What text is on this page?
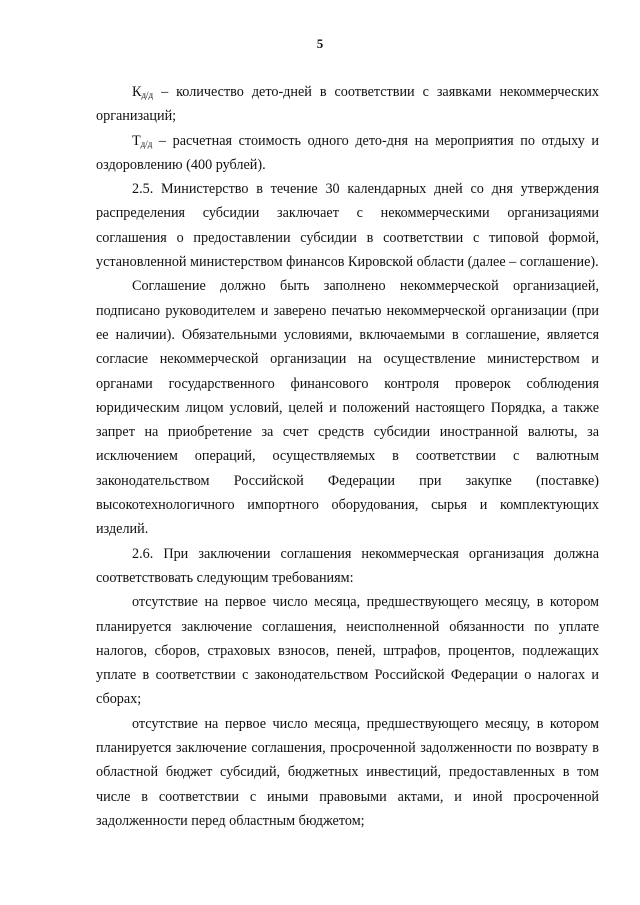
5

$К_{д/д}$ – количество дето-дней в соответствии с заявками некоммерческих организаций;

$Т_{д/д}$ – расчетная стоимость одного дето-дня на мероприятия по отдыху и оздоровлению (400 рублей).

2.5. Министерство в течение 30 календарных дней со дня утверждения распределения субсидии заключает с некоммерческими организациями соглашения о предоставлении субсидии в соответствии с типовой формой, установленной министерством финансов Кировской области (далее – соглашение).

Соглашение должно быть заполнено некоммерческой организацией, подписано руководителем и заверено печатью некоммерческой организации (при ее наличии). Обязательными условиями, включаемыми в соглашение, является согласие некоммерческой организации на осуществление министерством и органами государственного финансового контроля проверок соблюдения юридическим лицом условий, целей и положений настоящего Порядка, а также запрет на приобретение за счет средств субсидии иностранной валюты, за исключением операций, осуществляемых в соответствии с валютным законодательством Российской Федерации при закупке (поставке) высокотехнологичного импортного оборудования, сырья и комплектующих изделий.

2.6. При заключении соглашения некоммерческая организация должна соответствовать следующим требованиям:

отсутствие на первое число месяца, предшествующего месяцу, в котором планируется заключение соглашения, неисполненной обязанности по уплате налогов, сборов, страховых взносов, пеней, штрафов, процентов, подлежащих уплате в соответствии с законодательством Российской Федерации о налогах и сборах;

отсутствие на первое число месяца, предшествующего месяцу, в котором планируется заключение соглашения, просроченной задолженности по возврату в областной бюджет субсидий, бюджетных инвестиций, предоставленных в том числе в соответствии с иными правовыми актами, и иной просроченной задолженности перед областным бюджетом;
